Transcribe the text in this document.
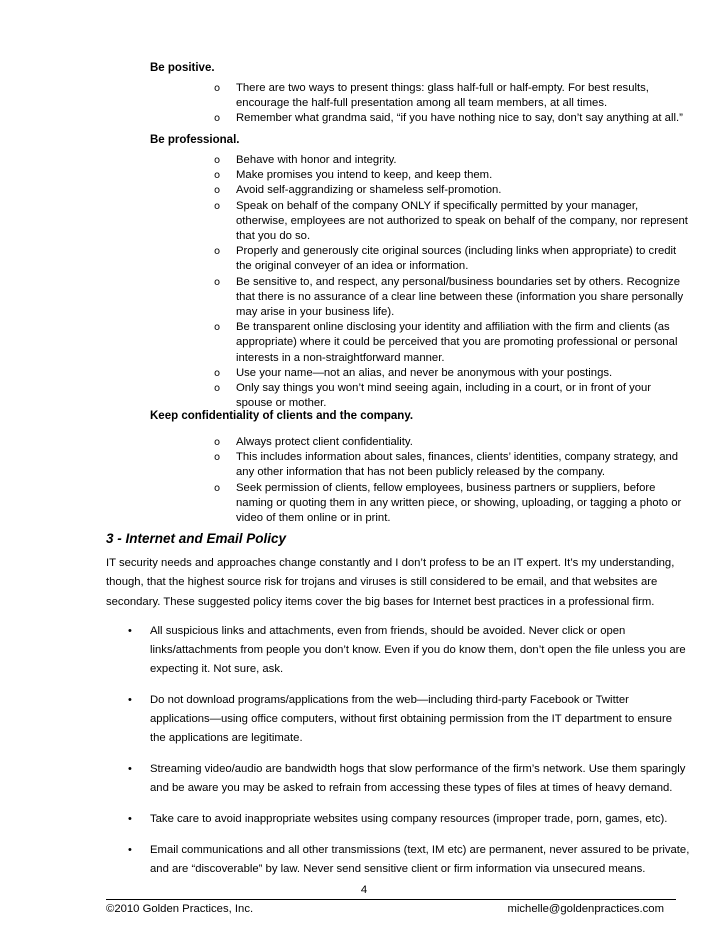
Be positive.
o There are two ways to present things: glass half-full or half-empty. For best results, encourage the half-full presentation among all team members, at all times.
o Remember what grandma said, “if you have nothing nice to say, don’t say anything at all.”
Be professional.
o Behave with honor and integrity.
o Make promises you intend to keep, and keep them.
o Avoid self-aggrandizing or shameless self-promotion.
o Speak on behalf of the company ONLY if specifically permitted by your manager, otherwise, employees are not authorized to speak on behalf of the company, nor represent that you do so.
o Properly and generously cite original sources (including links when appropriate) to credit the original conveyer of an idea or information.
o Be sensitive to, and respect, any personal/business boundaries set by others. Recognize that there is no assurance of a clear line between these (information you share personally may arise in your business life).
o Be transparent online disclosing your identity and affiliation with the firm and clients (as appropriate) where it could be perceived that you are promoting professional or personal interests in a non-straightforward manner.
o Use your name—not an alias, and never be anonymous with your postings.
o Only say things you won’t mind seeing again, including in a court, or in front of your spouse or mother.
Keep confidentiality of clients and the company.
o Always protect client confidentiality.
o This includes information about sales, finances, clients’ identities, company strategy, and any other information that has not been publicly released by the company.
o Seek permission of clients, fellow employees, business partners or suppliers, before naming or quoting them in any written piece, or showing, uploading, or tagging a photo or video of them online or in print.
3 - Internet and Email Policy
IT security needs and approaches change constantly and I don’t profess to be an IT expert. It’s my understanding, though, that the highest source risk for trojans and viruses is still considered to be email, and that websites are secondary. These suggested policy items cover the big bases for Internet best practices in a professional firm.
• All suspicious links and attachments, even from friends, should be avoided. Never click or open links/attachments from people you don’t know. Even if you do know them, don’t open the file unless you are expecting it. Not sure, ask.
• Do not download programs/applications from the web—including third-party Facebook or Twitter applications—using office computers, without first obtaining permission from the IT department to ensure the applications are legitimate.
• Streaming video/audio are bandwidth hogs that slow performance of the firm’s network. Use them sparingly and be aware you may be asked to refrain from accessing these types of files at times of heavy demand.
• Take care to avoid inappropriate websites using company resources (improper trade, porn, games, etc).
• Email communications and all other transmissions (text, IM etc) are permanent, never assured to be private, and are “discoverable” by law. Never send sensitive client or firm information via unsecured means.
4
©2010 Golden Practices, Inc.	michelle@goldenpractices.com
